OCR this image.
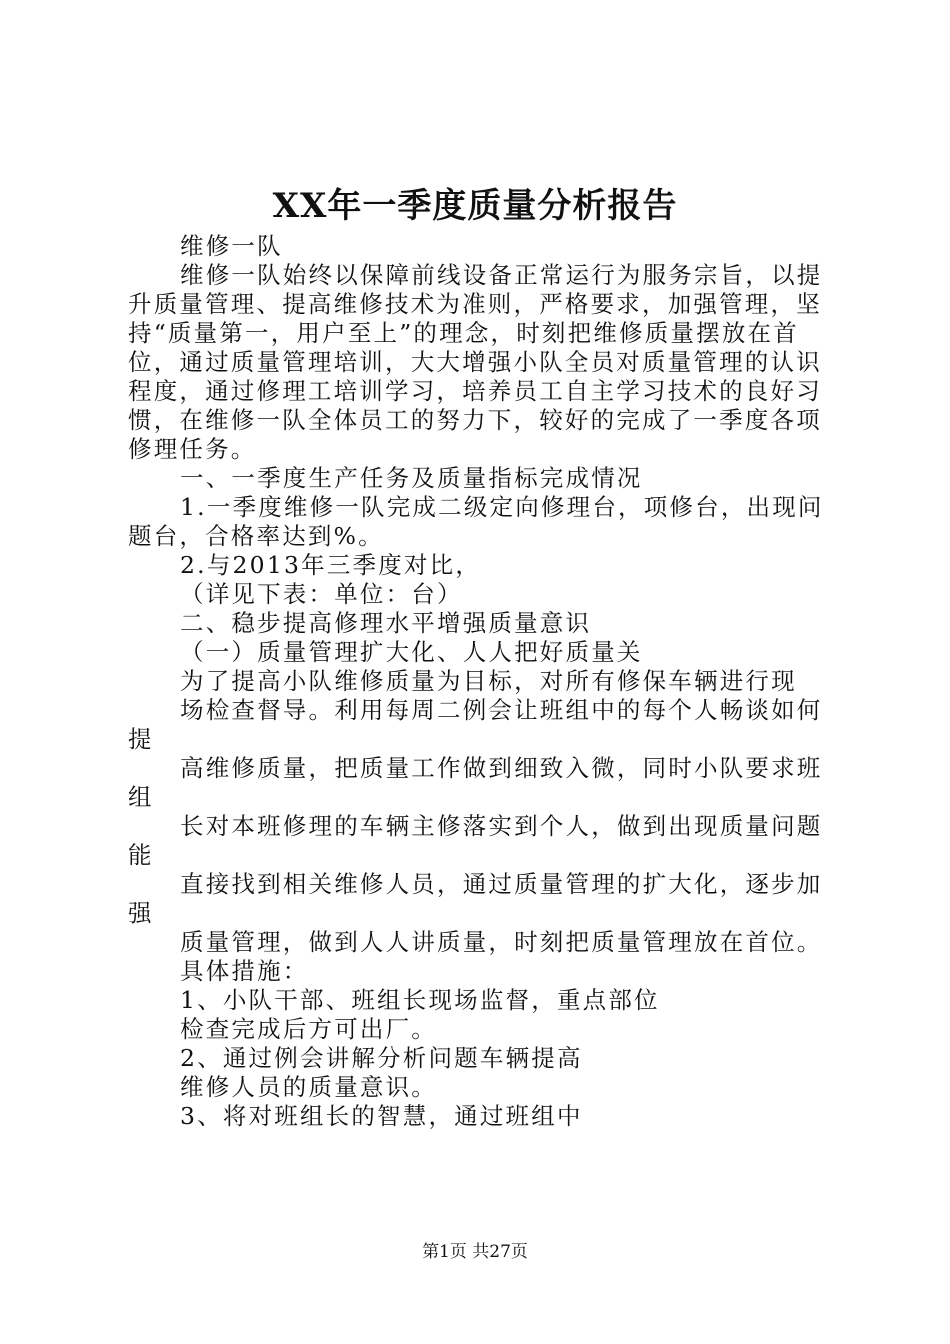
XX年一季度质量分析报告
维修一队
维修一队始终以保障前线设备正常运行为服务宗旨，以提
升质量管理、提高维修技术为准则，严格要求，加强管理，坚
持“质量第一，用户至上”的理念，时刻把维修质量摆放在首
位，通过质量管理培训，大大增强小队全员对质量管理的认识
程度，通过修理工培训学习，培养员工自主学习技术的良好习
惯，在维修一队全体员工的努力下，较好的完成了一季度各项
修理任务。
一、一季度生产任务及质量指标完成情况
1.一季度维修一队完成二级定向修理台，项修台，出现问
题台，合格率达到%。
2.与2013年三季度对比，
（详见下表：单位：台）
二、稳步提高修理水平增强质量意识
（一）质量管理扩大化、人人把好质量关
为了提高小队维修质量为目标，对所有修保车辆进行现
场检查督导。利用每周二例会让班组中的每个人畅谈如何
提
高维修质量，把质量工作做到细致入微，同时小队要求班
组
长对本班修理的车辆主修落实到个人，做到出现质量问题
能
直接找到相关维修人员，通过质量管理的扩大化，逐步加
强
质量管理，做到人人讲质量，时刻把质量管理放在首位。
具体措施：
1、小队干部、班组长现场监督，重点部位
检查完成后方可出厂。
2、通过例会讲解分析问题车辆提高
维修人员的质量意识。
3、将对班组长的智慧，通过班组中
第1页 共27页
